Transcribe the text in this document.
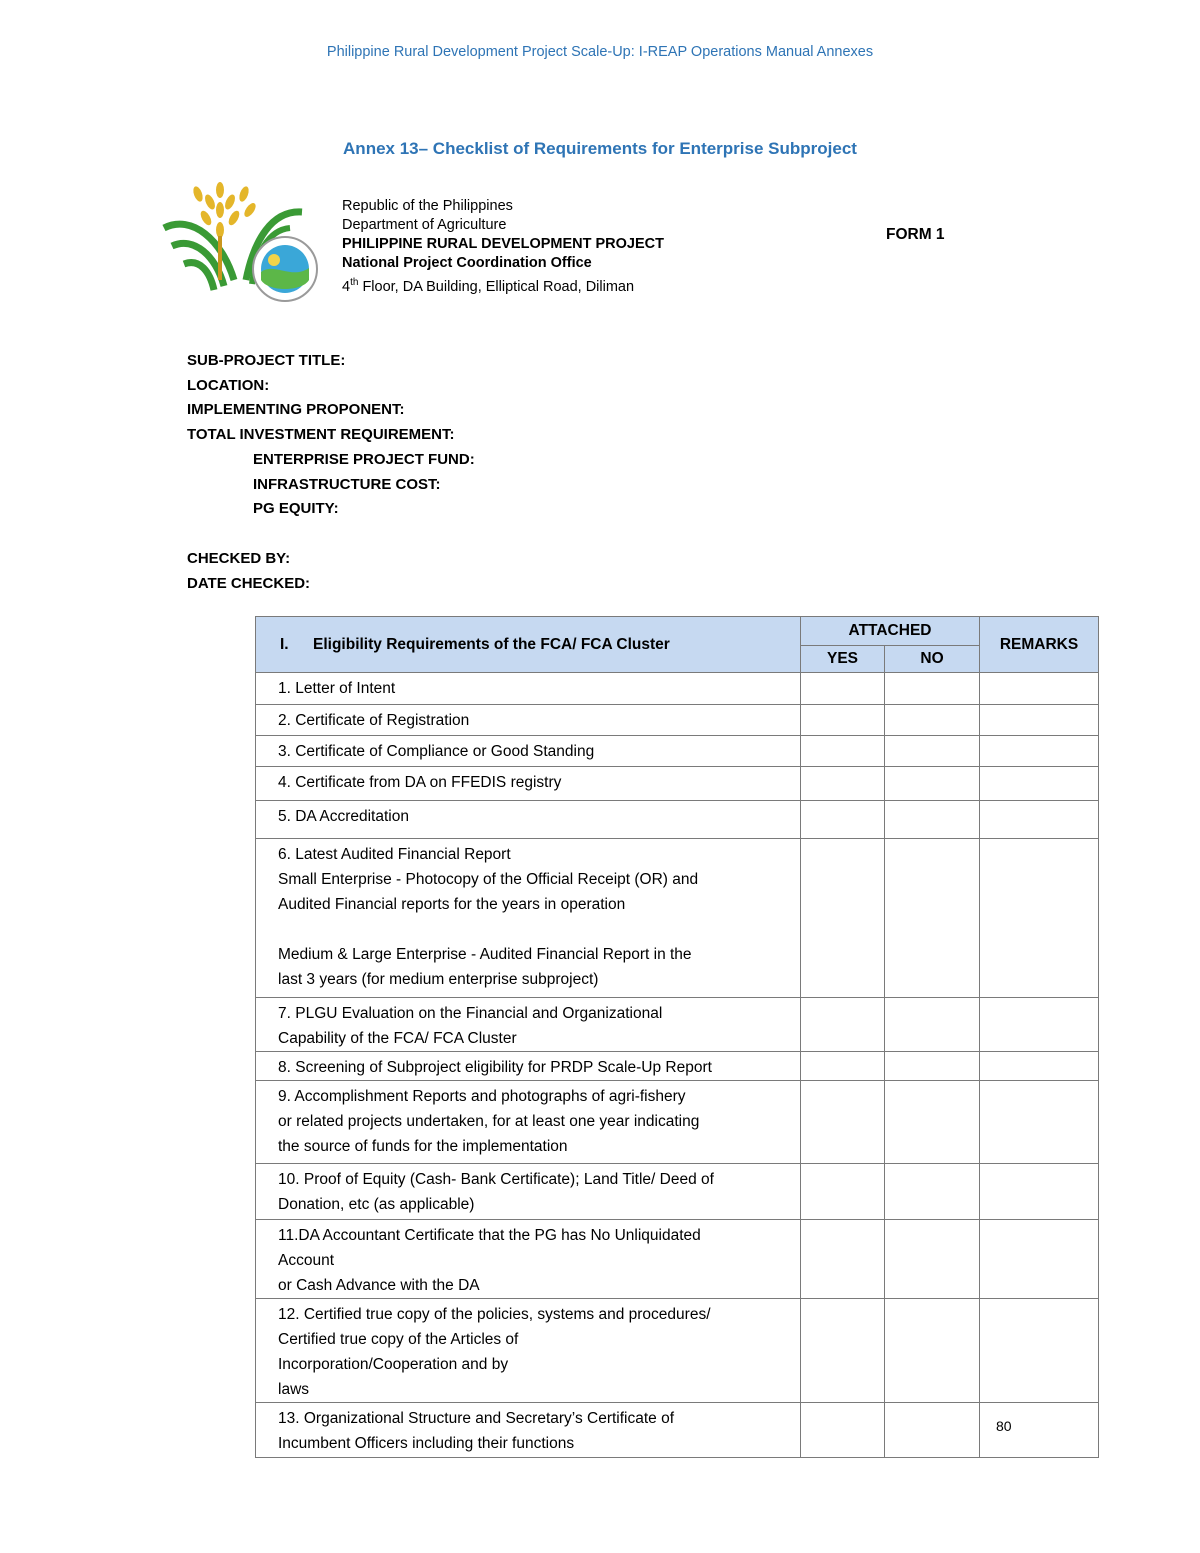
Philippine Rural Development Project Scale-Up: I-REAP Operations Manual Annexes
Annex 13– Checklist of Requirements for Enterprise Subproject
Republic of the Philippines
Department of Agriculture
PHILIPPINE RURAL DEVELOPMENT PROJECT
National Project Coordination Office
4th Floor, DA Building, Elliptical Road, Diliman
FORM 1
SUB-PROJECT TITLE:
LOCATION:
IMPLEMENTING PROPONENT:
TOTAL INVESTMENT REQUIREMENT:
ENTERPRISE PROJECT FUND:
INFRASTRUCTURE COST:
PG EQUITY:
CHECKED BY:
DATE CHECKED:
I. Eligibility Requirements of the FCA/ FCA Cluster	ATTACHED		REMARKS
	YES	NO	

1. Letter of Intent			

2. Certificate of Registration			

3. Certificate of Compliance or Good Standing			

4. Certificate from DA on FFEDIS registry			

5. DA Accreditation			

6. Latest Audited Financial Report
Small Enterprise - Photocopy of the Official Receipt (OR) and
Audited Financial reports for the years in operation
Medium & Large Enterprise - Audited Financial Report in the
last 3 years (for medium enterprise subproject)			

7. PLGU Evaluation on the Financial and Organizational
Capability of the FCA/ FCA Cluster			

8. Screening of Subproject eligibility for PRDP Scale-Up Report			

9. Accomplishment Reports and photographs of agri-fishery
or related projects undertaken, for at least one year indicating
the source of funds for the implementation			

10. Proof of Equity (Cash- Bank Certificate); Land Title/ Deed of
Donation, etc (as applicable)			

11.DA Accountant Certificate that the PG has No Unliquidated
Account
or Cash Advance with the DA			

12. Certified true copy of the policies, systems and procedures/
Certified true copy of the Articles of
Incorporation/Cooperation and by
laws			

13. Organizational Structure and Secretary’s Certificate of
Incumbent Officers including their functions			

80
